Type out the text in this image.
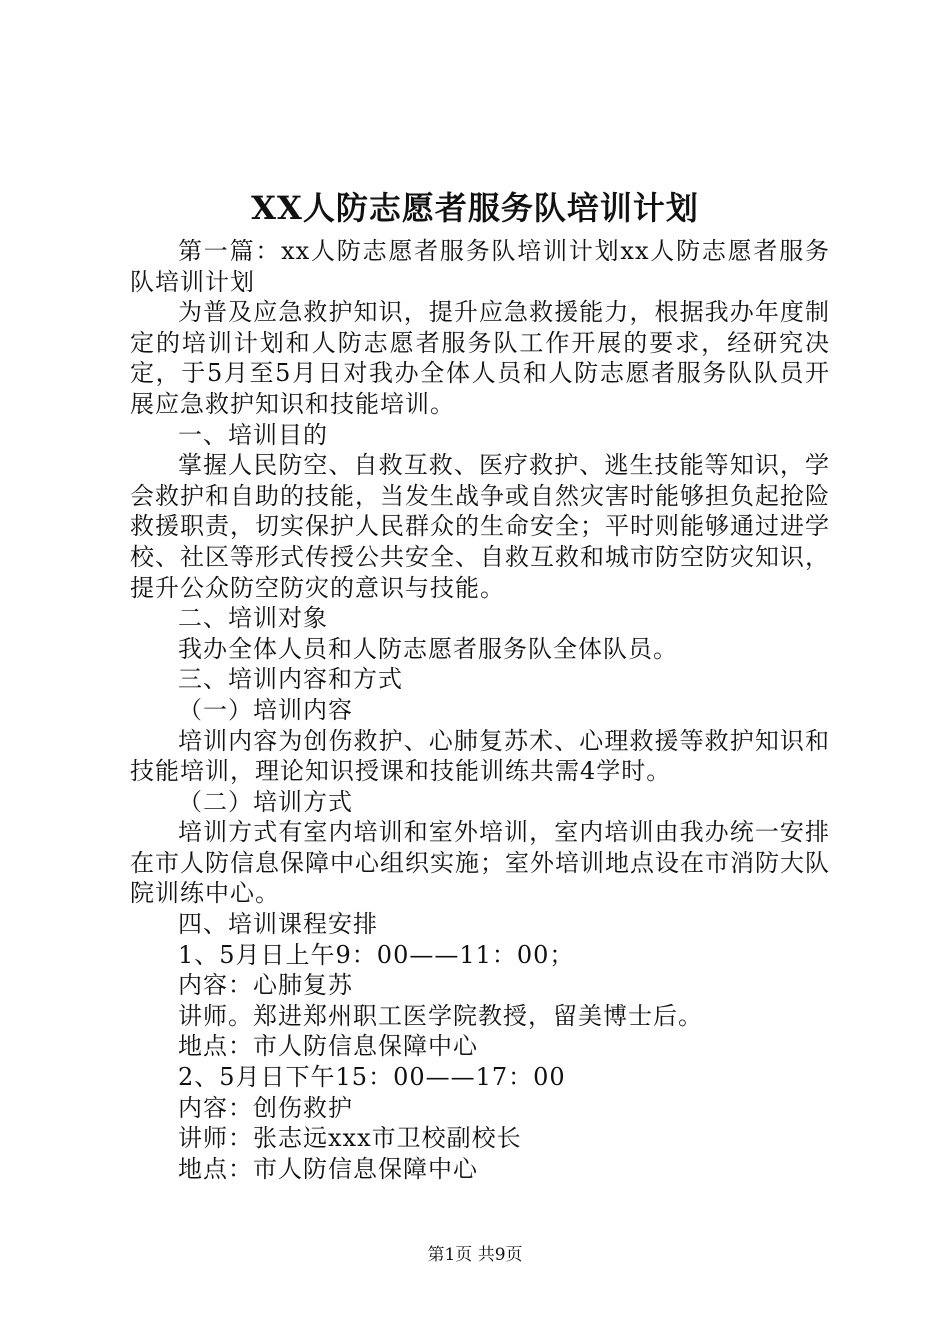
XX人防志愿者服务队培训计划

第一篇：xx人防志愿者服务队培训计划xx人防志愿者服务队培训计划

为普及应急救护知识，提升应急救援能力，根据我办年度制定的培训计划和人防志愿者服务队工作开展的要求，经研究决定，于5月至5月日对我办全体人员和人防志愿者服务队队员开展应急救护知识和技能培训。

一、培训目的

掌握人民防空、自救互救、医疗救护、逃生技能等知识，学会救护和自助的技能，当发生战争或自然灾害时能够担负起抢险救援职责，切实保护人民群众的生命安全；平时则能够通过进学校、社区等形式传授公共安全、自救互救和城市防空防灾知识，提升公众防空防灾的意识与技能。

二、培训对象

我办全体人员和人防志愿者服务队全体队员。

三、培训内容和方式

（一）培训内容

培训内容为创伤救护、心肺复苏术、心理救援等救护知识和技能培训，理论知识授课和技能训练共需4学时。

（二）培训方式

培训方式有室内培训和室外培训，室内培训由我办统一安排在市人防信息保障中心组织实施；室外培训地点设在市消防大队院训练中心。

四、培训课程安排

1、5月日上午9：00——11：00；

内容：心肺复苏

讲师。郑进郑州职工医学院教授，留美博士后。

地点：市人防信息保障中心

2、5月日下午15：00——17：00

内容：创伤救护

讲师：张志远xxx市卫校副校长

地点：市人防信息保障中心

第1页 共9页
